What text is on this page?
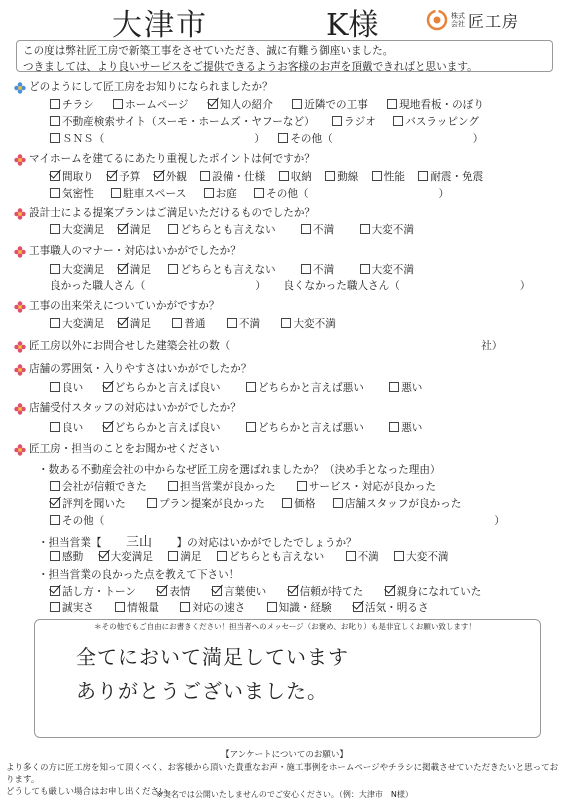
大津市	K様	株式会社 匠工房
この度は弊社匠工房で新築工事をさせていただき、誠に有難う御座いました。
つきましては、より良いサービスをご提供できるようお客様のお声を頂戴できればと思います。
どのようにして匠工房をお知りになられましたか？
チラシ	ホームページ	知人の紹介	近隣での工事	現地看板・のぼり
不動産検索サイト（スーモ・ホームズ・ヤフーなど）	ラジオ	バスラッピング
ＳＮＳ（	） その他（	）
マイホームを建てるにあたり重視したポイントは何ですか？
間取り 予算 外観 設備・仕様 収納 動線 性能 耐震・免震
気密性	駐車スペース	お庭	その他（	）
設計士による提案プランはご満足いただけるものでしたか？
大変満足 満足	どちらとも言えない	不満	大変不満
工事職人のマナー・対応はいかがでしたか？
大変満足 満足	どちらとも言えない	不満	大変不満
良かった職人さん（	） 良くなかった職人さん（	）
工事の出来栄えについていかがですか？
大変満足 満足	普通	不満	大変不満
匠工房以外にお問合せした建築会社の数（	社）
店舗の雰囲気・入りやすさはいかがでしたか？
良い	どちらかと言えば良い	どちらかと言えば悪い	悪い
店舗受付スタッフの対応はいかがでしたか？
良い	どちらかと言えば良い	どちらかと言えば悪い	悪い
匠工房・担当のことをお聞かせください
・数ある不動産会社の中からなぜ匠工房を選ばれましたか？（決め手となった理由）
会社が信頼できた	担当営業が良かった	サービス・対応が良かった
評判を聞いた	プラン提案が良かった	価格	店舗スタッフが良かった
その他（	）
・担当営業【 三山 】の対応はいかがでしたでしょうか？
感動	大変満足	満足	どちらとも言えない	不満	大変不満
・担当営業の良かった点を教えて下さい！
話し方・トーン	表情	言葉使い	信頼が持てた	親身になれていた
誠実さ	情報量	対応の速さ	知識・経験	活気・明るさ
＊その他でもご自由にお書きください！担当者へのメッセージ（お褒め、お叱り）も是非宜しくお願い致します！
全てにおいて満足しています
ありがとうございました。
【アンケートについてのお願い】
より多くの方に匠工房を知って頂くべく、お客様から頂いた貴重なお声・施工事例をホームページやチラシに掲載させていただきたいと思っております。
どうしても厳しい場合はお申し出ください。
※実名では公開いたしませんのでご安心ください。（例：大津市　N様）
